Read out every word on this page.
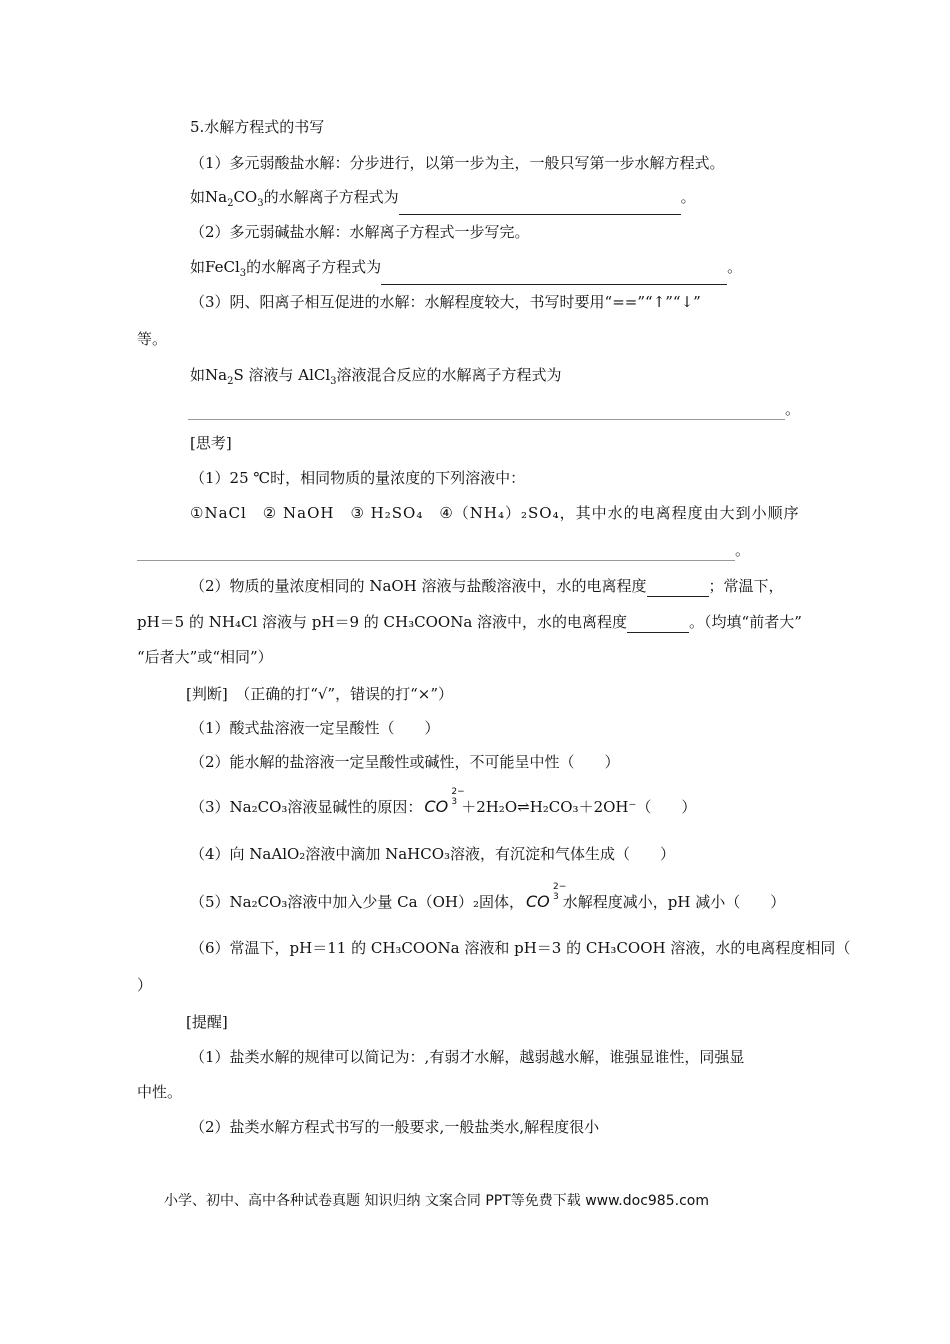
5.水解方程式的书写
（1）多元弱酸盐水解：分步进行，以第一步为主，一般只写第一步水解方程式。
如$Na_2CO_3$的水解离子方程式为	。
（2）多元弱碱盐水解：水解离子方程式一步写完。
如FeCl$_3$的水解离子方程式为	。
（3）阴、阳离子相互促进的水解：水解程度较大，书写时要用“==”“↑”“↓”
等。
如$Na_2S$ 溶液与 AlCl$_3$溶液混合反应的水解离子方程式为
。
[思考]
（1）25 ℃时，相同物质的量浓度的下列溶液中：
①NaCl　② NaOH　③ H₂SO₄　④（NH₄）₂SO₄，其中水的电离程度由大到小顺序
。
（2）物质的量浓度相同的 NaOH 溶液与盐酸溶液中，水的电离程度	；常温下，
pH＝5 的 NH₄Cl 溶液与 pH＝9 的 CH₃COONa 溶液中，水的电离程度	。（均填“前者大”
“后者大”或“相同”）
[判断]　（正确的打“√”，错误的打“×”）
（1）酸式盐溶液一定呈酸性（　　）
（2）能水解的盐溶液一定呈酸性或碱性，不可能呈中性（　　）
（3）Na₂CO₃溶液显碱性的原因： CO
2−
3 ＋2H₂O⇌H₂CO₃＋2OH⁻（　　）
（4）向 NaAlO₂溶液中滴加 NaHCO₃溶液，有沉淀和气体生成（　　）
（5）Na₂CO₃溶液中加入少量 Ca（OH）₂固体， CO
2−
3 水解程度减小，pH 减小（　　）
（6）常温下，pH＝11 的 CH₃COONa 溶液和 pH＝3 的 CH₃COOH 溶液，水的电离程度相同（
）
[提醒]
（1）盐类水解的规律可以简记为：,有弱才水解，越弱越水解，谁强显谁性，同强显
中性。
（2）盐类水解方程式书写的一般要求,一般盐类水,解程度很小
小学、初中、高中各种试卷真题 知识归纳 文案合同 PPT等免费下载 www.doc985.com
